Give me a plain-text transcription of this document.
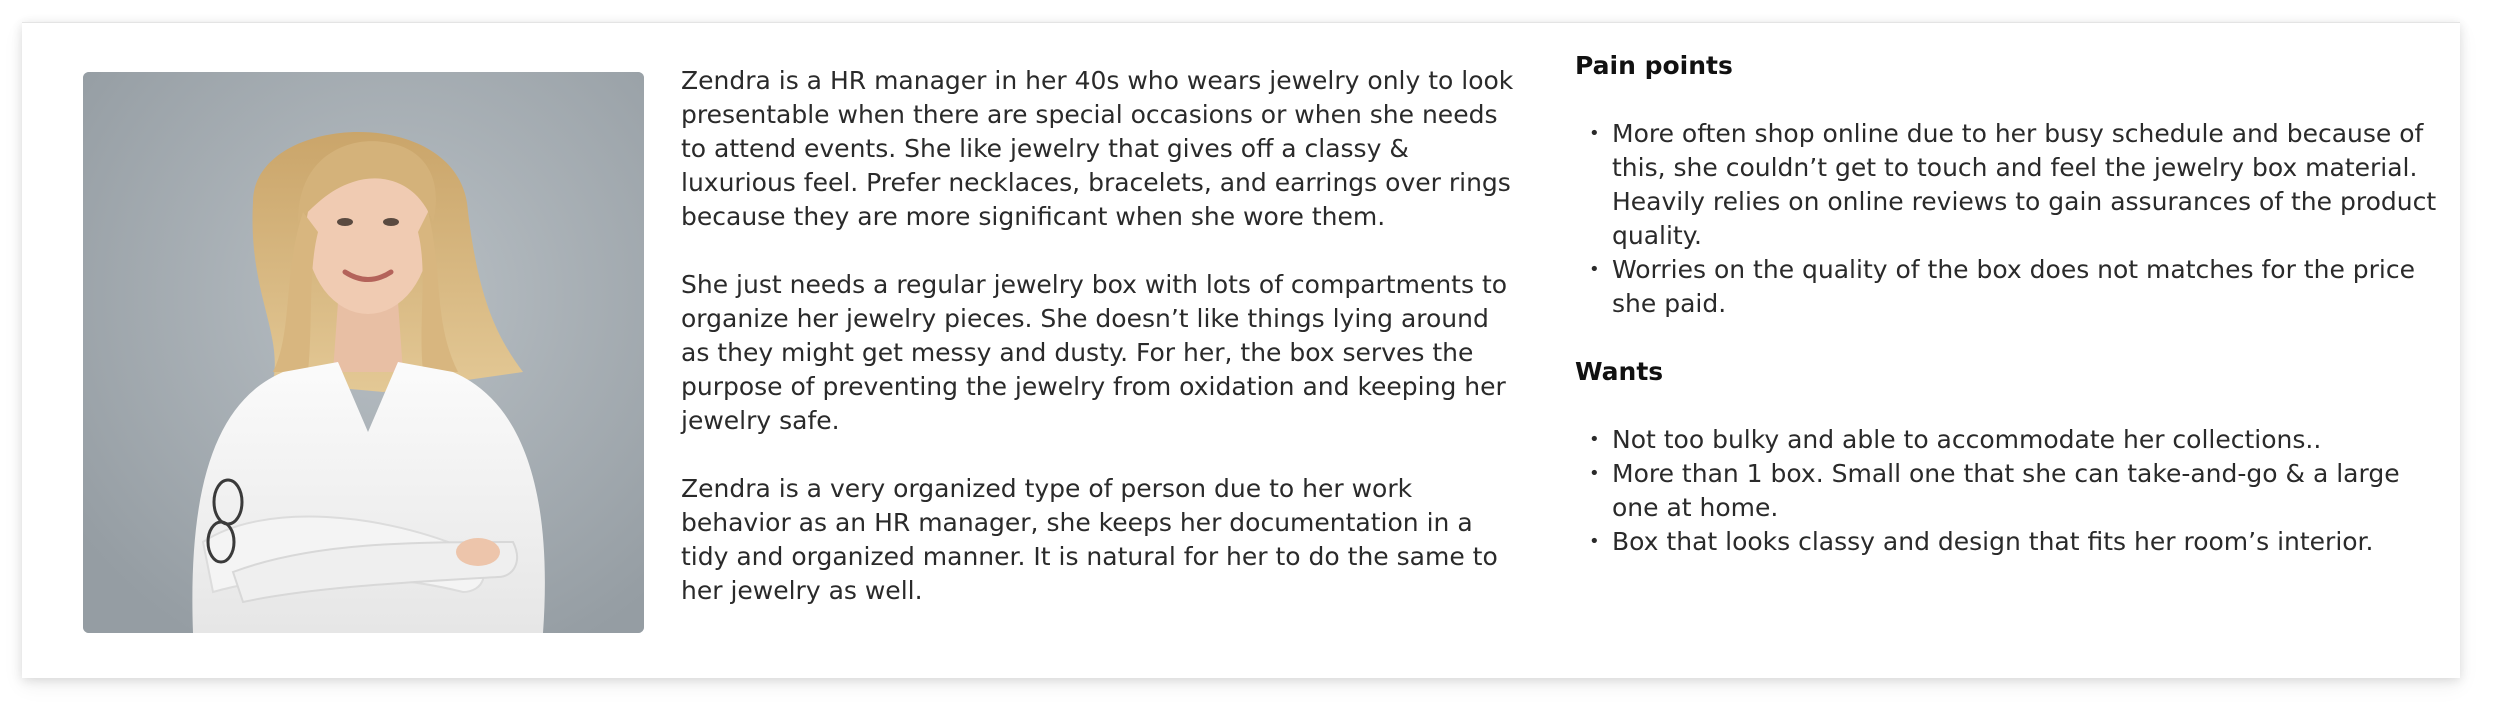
Zendra is a HR manager in her 40s who wears jewelry only to look presentable when there are special occasions or when she needs to attend events. She like jewelry that gives off a classy & luxurious feel. Prefer necklaces, bracelets, and earrings over rings because they are more significant when she wore them.

She just needs a regular jewelry box with lots of compartments to organize her jewelry pieces. She doesn’t like things lying around as they might get messy and dusty. For her, the box serves the purpose of preventing the jewelry from oxidation and keeping her jewelry safe.

Zendra is a very organized type of person due to her work behavior as an HR manager, she keeps her documentation in a tidy and organized manner. It is natural for her to do the same to her jewelry as well.

Pain points
• More often shop online due to her busy schedule and because of this, she couldn’t get to touch and feel the jewelry box material. Heavily relies on online reviews to gain assurances of the product quality.
• Worries on the quality of the box does not matches for the price she paid.
Wants
• Not too bulky and able to accommodate her collections..
• More than 1 box. Small one that she can take-and-go & a large one at home.
• Box that looks classy and design that fits her room’s interior.
